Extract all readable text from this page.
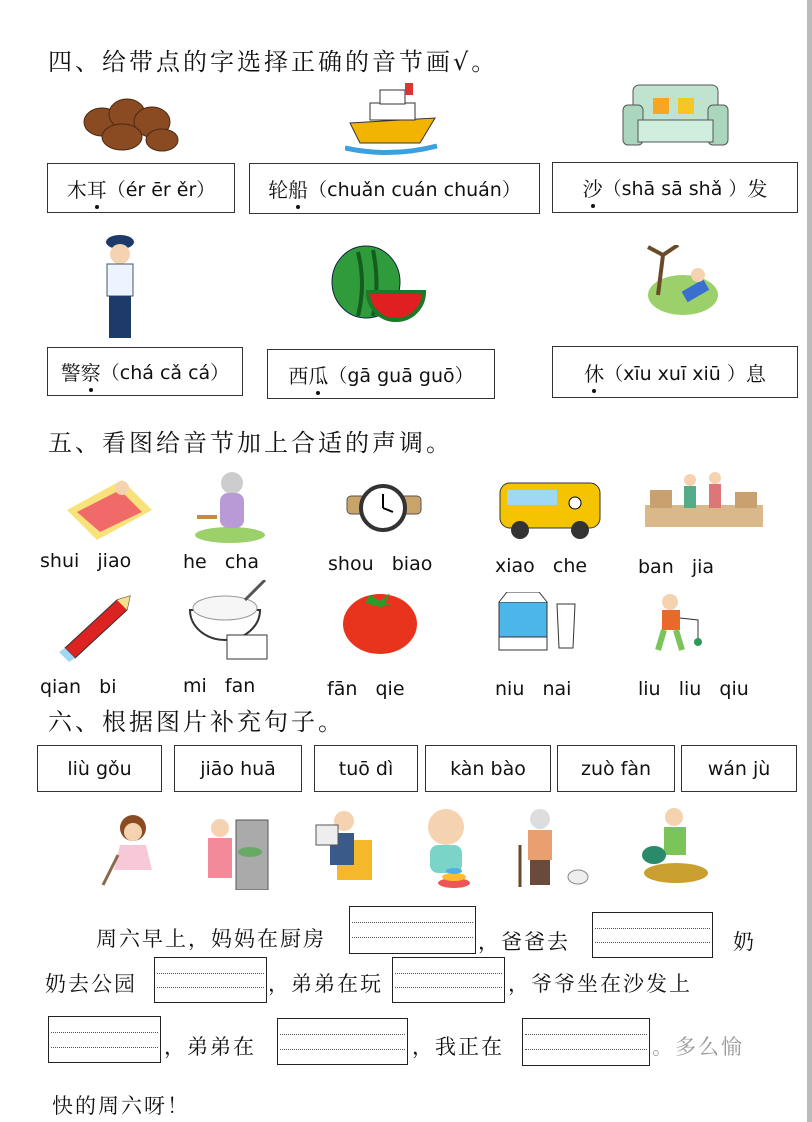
四、给带点的字选择正确的音节画√。
木 耳 （ér ēr ěr）	轮 船 （chuǎn cuán chuán）	沙 （shā sā shǎ ） 发
警 察 （chá cǎ cá）	西 瓜 （gā guā guō）	休 （xīu xuī xiū ） 息
五、看图给音节加上合适的声调。
shui   jiao	he   cha	shou   biao	xiao   che	ban   jia
qian   bi	mi   fan	fān   qie	niu   nai	liu   liu   qiu
六、根据图片补充句子。
liù gǒu	jiāo huā	tuō dì	kàn bào	zuò fàn	wán jù
周六早上，妈妈在厨房	，爸爸去	奶
奶去公园	，弟弟在玩	，爷爷坐在沙发上
，弟弟在	，我正在	。多么愉
快的周六呀！
